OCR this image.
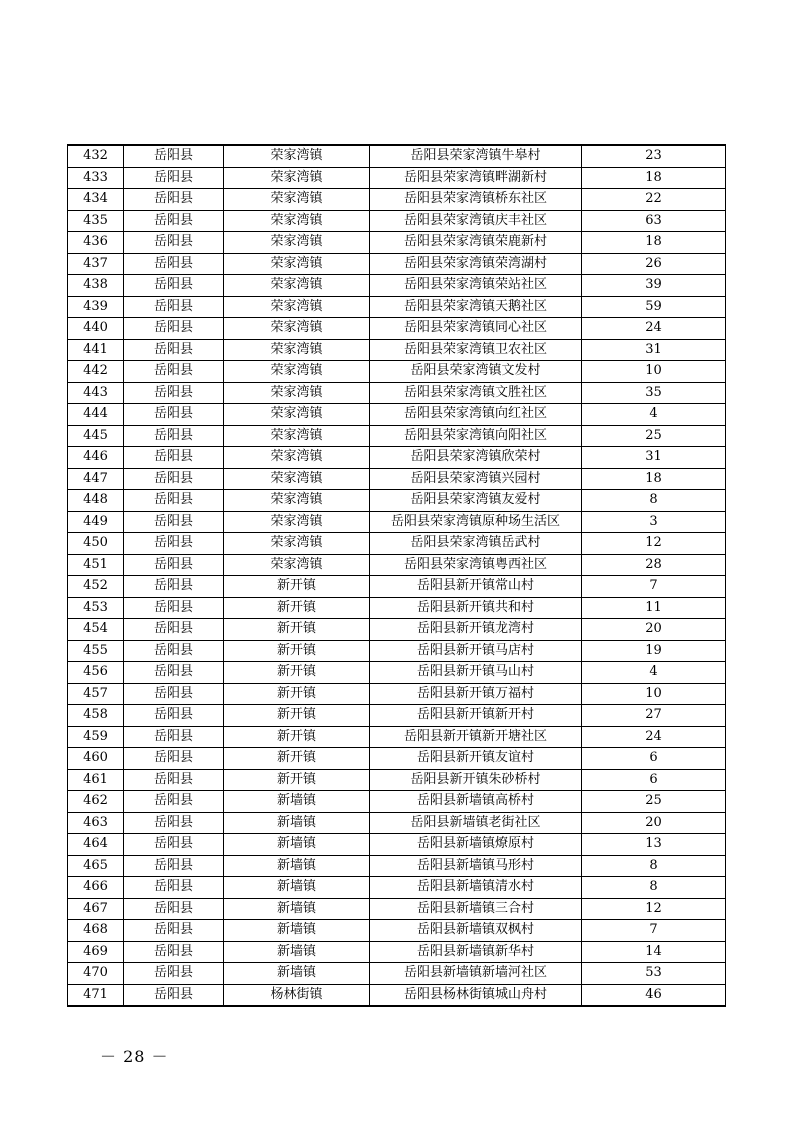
432	岳阳县	荣家湾镇	岳阳县荣家湾镇牛皋村	23
433	岳阳县	荣家湾镇	岳阳县荣家湾镇畔湖新村	18
434	岳阳县	荣家湾镇	岳阳县荣家湾镇桥东社区	22
435	岳阳县	荣家湾镇	岳阳县荣家湾镇庆丰社区	63
436	岳阳县	荣家湾镇	岳阳县荣家湾镇荣鹿新村	18
437	岳阳县	荣家湾镇	岳阳县荣家湾镇荣湾湖村	26
438	岳阳县	荣家湾镇	岳阳县荣家湾镇荣站社区	39
439	岳阳县	荣家湾镇	岳阳县荣家湾镇天鹅社区	59
440	岳阳县	荣家湾镇	岳阳县荣家湾镇同心社区	24
441	岳阳县	荣家湾镇	岳阳县荣家湾镇卫农社区	31
442	岳阳县	荣家湾镇	岳阳县荣家湾镇文发村	10
443	岳阳县	荣家湾镇	岳阳县荣家湾镇文胜社区	35
444	岳阳县	荣家湾镇	岳阳县荣家湾镇向红社区	4
445	岳阳县	荣家湾镇	岳阳县荣家湾镇向阳社区	25
446	岳阳县	荣家湾镇	岳阳县荣家湾镇欣荣村	31
447	岳阳县	荣家湾镇	岳阳县荣家湾镇兴园村	18
448	岳阳县	荣家湾镇	岳阳县荣家湾镇友爱村	8
449	岳阳县	荣家湾镇	岳阳县荣家湾镇原种场生活区	3
450	岳阳县	荣家湾镇	岳阳县荣家湾镇岳武村	12
451	岳阳县	荣家湾镇	岳阳县荣家湾镇粤西社区	28
452	岳阳县	新开镇	岳阳县新开镇常山村	7
453	岳阳县	新开镇	岳阳县新开镇共和村	11
454	岳阳县	新开镇	岳阳县新开镇龙湾村	20
455	岳阳县	新开镇	岳阳县新开镇马店村	19
456	岳阳县	新开镇	岳阳县新开镇马山村	4
457	岳阳县	新开镇	岳阳县新开镇万福村	10
458	岳阳县	新开镇	岳阳县新开镇新开村	27
459	岳阳县	新开镇	岳阳县新开镇新开塘社区	24
460	岳阳县	新开镇	岳阳县新开镇友谊村	6
461	岳阳县	新开镇	岳阳县新开镇朱砂桥村	6
462	岳阳县	新墙镇	岳阳县新墙镇高桥村	25
463	岳阳县	新墙镇	岳阳县新墙镇老街社区	20
464	岳阳县	新墙镇	岳阳县新墙镇燎原村	13
465	岳阳县	新墙镇	岳阳县新墙镇马形村	8
466	岳阳县	新墙镇	岳阳县新墙镇清水村	8
467	岳阳县	新墙镇	岳阳县新墙镇三合村	12
468	岳阳县	新墙镇	岳阳县新墙镇双枫村	7
469	岳阳县	新墙镇	岳阳县新墙镇新华村	14
470	岳阳县	新墙镇	岳阳县新墙镇新墙河社区	53
471	岳阳县	杨林街镇	岳阳县杨林街镇城山舟村	46
－ 28 －
